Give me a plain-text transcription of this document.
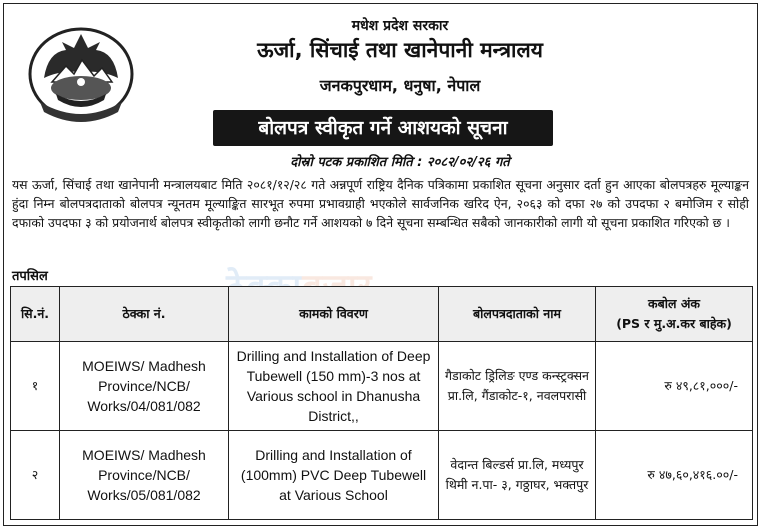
मधेश प्रदेश सरकार
ऊर्जा, सिंचाई तथा खानेपानी मन्त्रालय
जनकपुरधाम, धनुषा, नेपाल
बोलपत्र स्वीकृत गर्ने आशयको सूचना
दोस्रो पटक प्रकाशित मिति : २०८२/०२/२६ गते
यस ऊर्जा, सिंचाई तथा खानेपानी मन्त्रालयबाट मिति २०८१/१२/२८ गते अन्नपूर्ण राष्ट्रिय दैनिक पत्रिकामा प्रकाशित सूचना अनुसार दर्ता हुन आएका बोलपत्रहरु मूल्याङ्कन हुंदा निम्न बोलपत्रदाताको बोलपत्र न्यूनतम मूल्याङ्कित सारभूत रुपमा प्रभावग्राही भएकोले सार्वजनिक खरिद ऐन, २०६३ को दफा २७ को उपदफा २ बमोजिम र सोही दफाको उपदफा ३ को प्रयोजनार्थ बोलपत्र स्वीकृतीको लागी छनौट गर्ने आशयको ७ दिने सूचना सम्बन्धित सबैको जानकारीको लागी यो सूचना प्रकाशित गरिएको छ ।
तपसिल
सि.नं.	ठेक्का नं.	कामको विवरण	बोलपत्रदाताको नाम	कबोल अंक
(PS र मु.अ.कर बाहेक)
१	MOEIWS/ Madhesh Province/NCB/ Works/04/081/082	Drilling and Installation of Deep Tubewell (150 mm)-3 nos at Various school in Dhanusha District,,	गैडाकोट ड्रिलिङ एण्ड कन्स्ट्रक्सन प्रा.लि, गैंडाकोट-१, नवलपरासी	रु ४९,८१,०००/-
२	MOEIWS/ Madhesh Province/NCB/ Works/05/081/082	Drilling and Installation of (100mm) PVC Deep Tubewell at Various School	वेदान्त बिल्डर्स प्रा.लि, मध्यपुर थिमी न.पा- ३, गठ्ठाघर, भक्तपुर	रु ४७,६०,४१६.००/-
